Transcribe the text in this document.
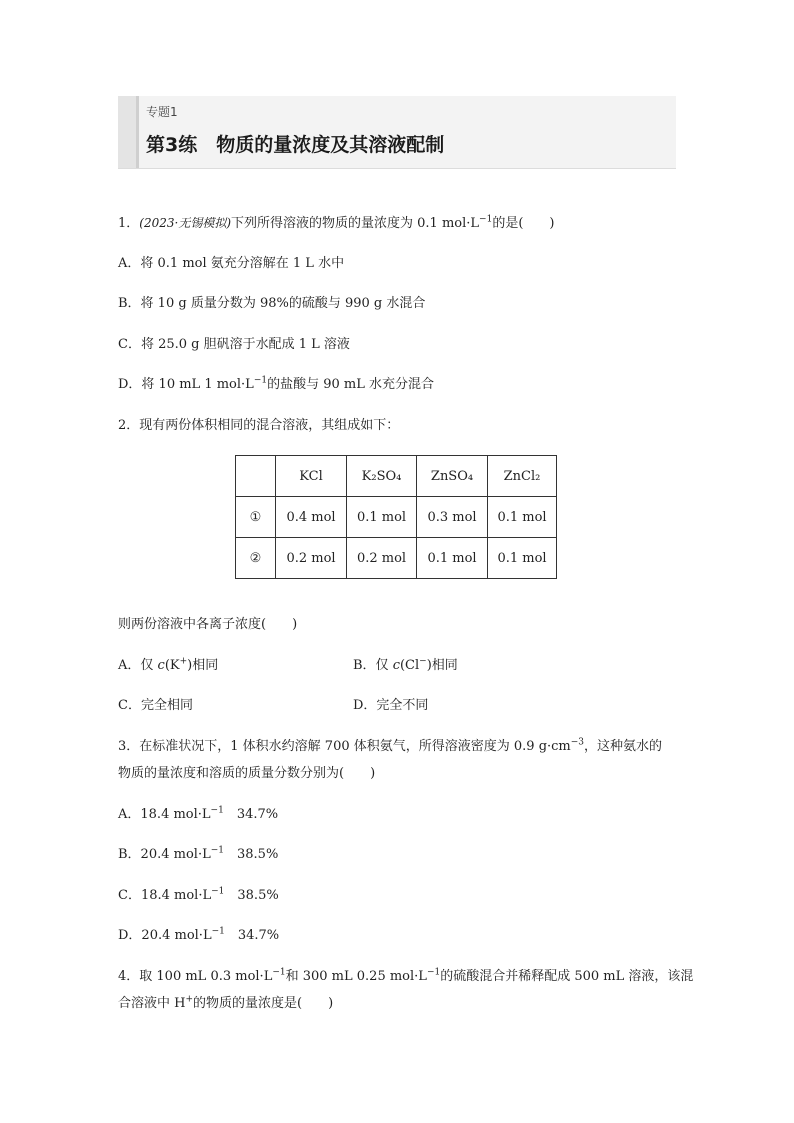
专题1
第3练　物质的量浓度及其溶液配制
1．(2023·无锡模拟)下列所得溶液的物质的量浓度为 0.1 $mol\cdot L^{-1}$的是(　　)
A．将 0.1 mol 氨充分溶解在 1 L 水中
B．将 10 g 质量分数为 98%的硫酸与 990 g 水混合
C．将 25.0 g 胆矾溶于水配成 1 L 溶液
D．将 10 mL 1 $mol\cdot L^{-1}$的盐酸与 90 mL 水充分混合
2．现有两份体积相同的混合溶液，其组成如下：
	KCl	K₂SO₄	ZnSO₄	ZnCl₂
①	0.4 mol	0.1 mol	0.3 mol	0.1 mol
②	0.2 mol	0.2 mol	0.1 mol	0.1 mol
则两份溶液中各离子浓度(　　)
A．仅 c(K+)相同	B．仅 c(Cl−)相同
C．完全相同	D．完全不同
3．在标准状况下，1 体积水约溶解 700 体积氨气，所得溶液密度为 0.9 $g\cdot cm^{-3}$，这种氨水的
物质的量浓度和溶质的质量分数分别为(　　)
A．18.4 $mol\cdot L^{-1}$　34.7%
B．20.4 $mol\cdot L^{-1}$　38.5%
C．18.4 $mol\cdot L^{-1}$　38.5%
D．20.4 $mol\cdot L^{-1}$　34.7%
4．取 100 mL 0.3 $mol\cdot L^{-1}$和 300 mL 0.25 $mol\cdot L^{-1}$的硫酸混合并稀释配成 500 mL 溶液，该混
合溶液中 H+的物质的量浓度是(　　)
